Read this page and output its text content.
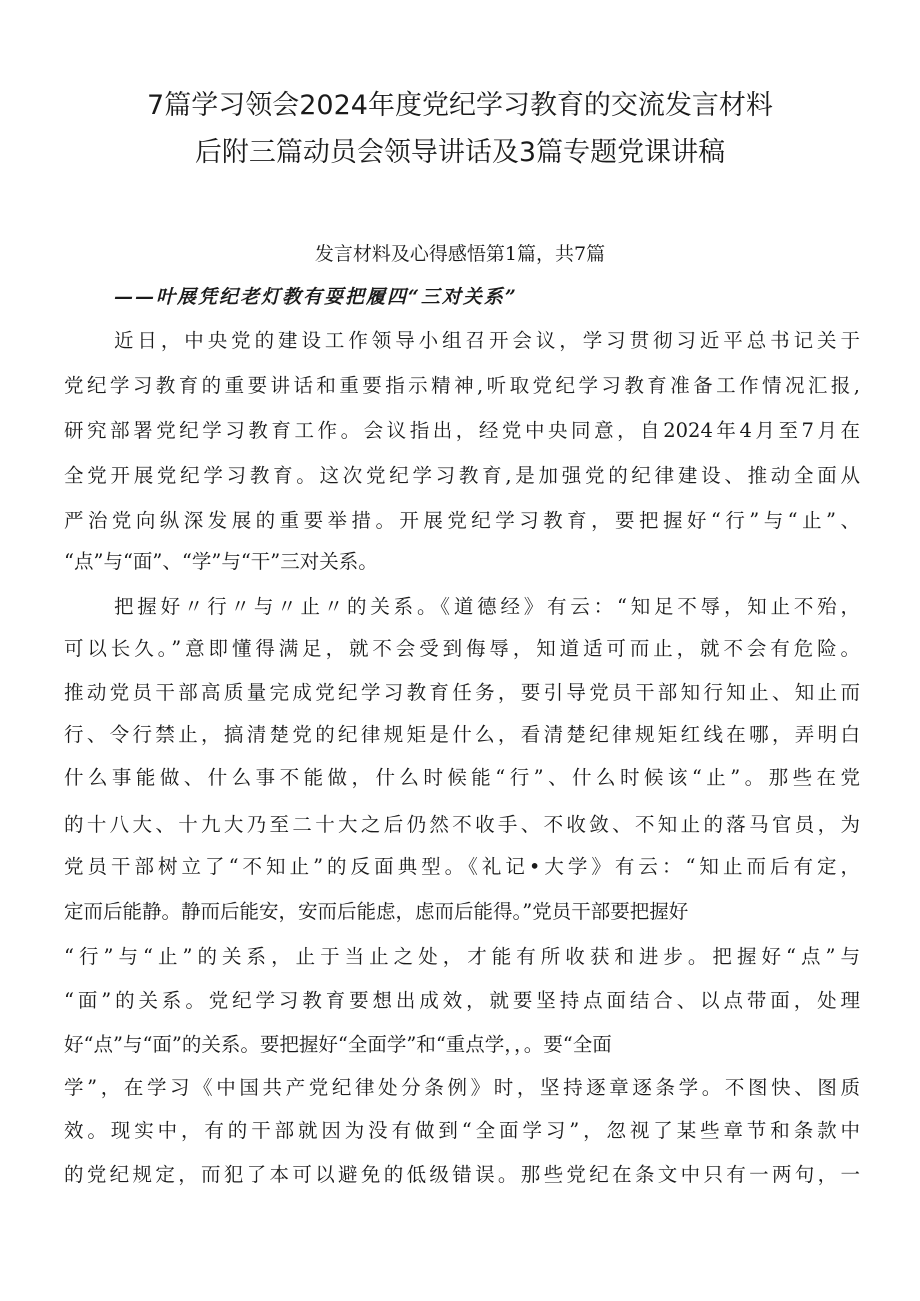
7篇学习领会2024年度党纪学习教育的交流发言材料
后附三篇动员会领导讲话及3篇专题党课讲稿
发言材料及心得感悟第1篇，共7篇
——叶展凭纪老灯教有耍把履四“三对关系”
近日，中央党的建设工作领导小组召开会议，学习贯彻习近平总书记关于
党纪学习教育的重要讲话和重要指示精神,听取党纪学习教育准备工作情况汇报,
研究部署党纪学习教育工作。会议指出，经党中央同意，自2024年4月至7月在
全党开展党纪学习教育。这次党纪学习教育,是加强党的纪律建设、推动全面从
严治党向纵深发展的重要举措。开展党纪学习教育，要把握好“行”与“止”、
“点”与“面”、“学”与“干”三对关系。
把握好〃行〃与〃止〃的关系。《道德经》有云：“知足不辱，知止不殆，
可以长久。”意即懂得满足，就不会受到侮辱，知道适可而止，就不会有危险。
推动党员干部高质量完成党纪学习教育任务，要引导党员干部知行知止、知止而
行、令行禁止，搞清楚党的纪律规矩是什么，看清楚纪律规矩红线在哪，弄明白
什么事能做、什么事不能做，什么时候能“行”、什么时候该“止”。那些在党
的十八大、十九大乃至二十大之后仍然不收手、不收敛、不知止的落马官员，为
党员干部树立了“不知止”的反面典型。《礼记•大学》有云：“知止而后有定，
定而后能静。静而后能安，安而后能虑，虑而后能得。”党员干部要把握好
“行”与“止”的关系，止于当止之处，才能有所收获和进步。把握好“点”与
“面”的关系。党纪学习教育要想出成效，就要坚持点面结合、以点带面，处理
好“点”与“面”的关系。要把握好“全面学”和“重点学，，。要“全面
学”，在学习《中国共产党纪律处分条例》时，坚持逐章逐条学。不图快、图质
效。现实中，有的干部就因为没有做到“全面学习”，忽视了某些章节和条款中
的党纪规定，而犯了本可以避免的低级错误。那些党纪在条文中只有一两句，一
